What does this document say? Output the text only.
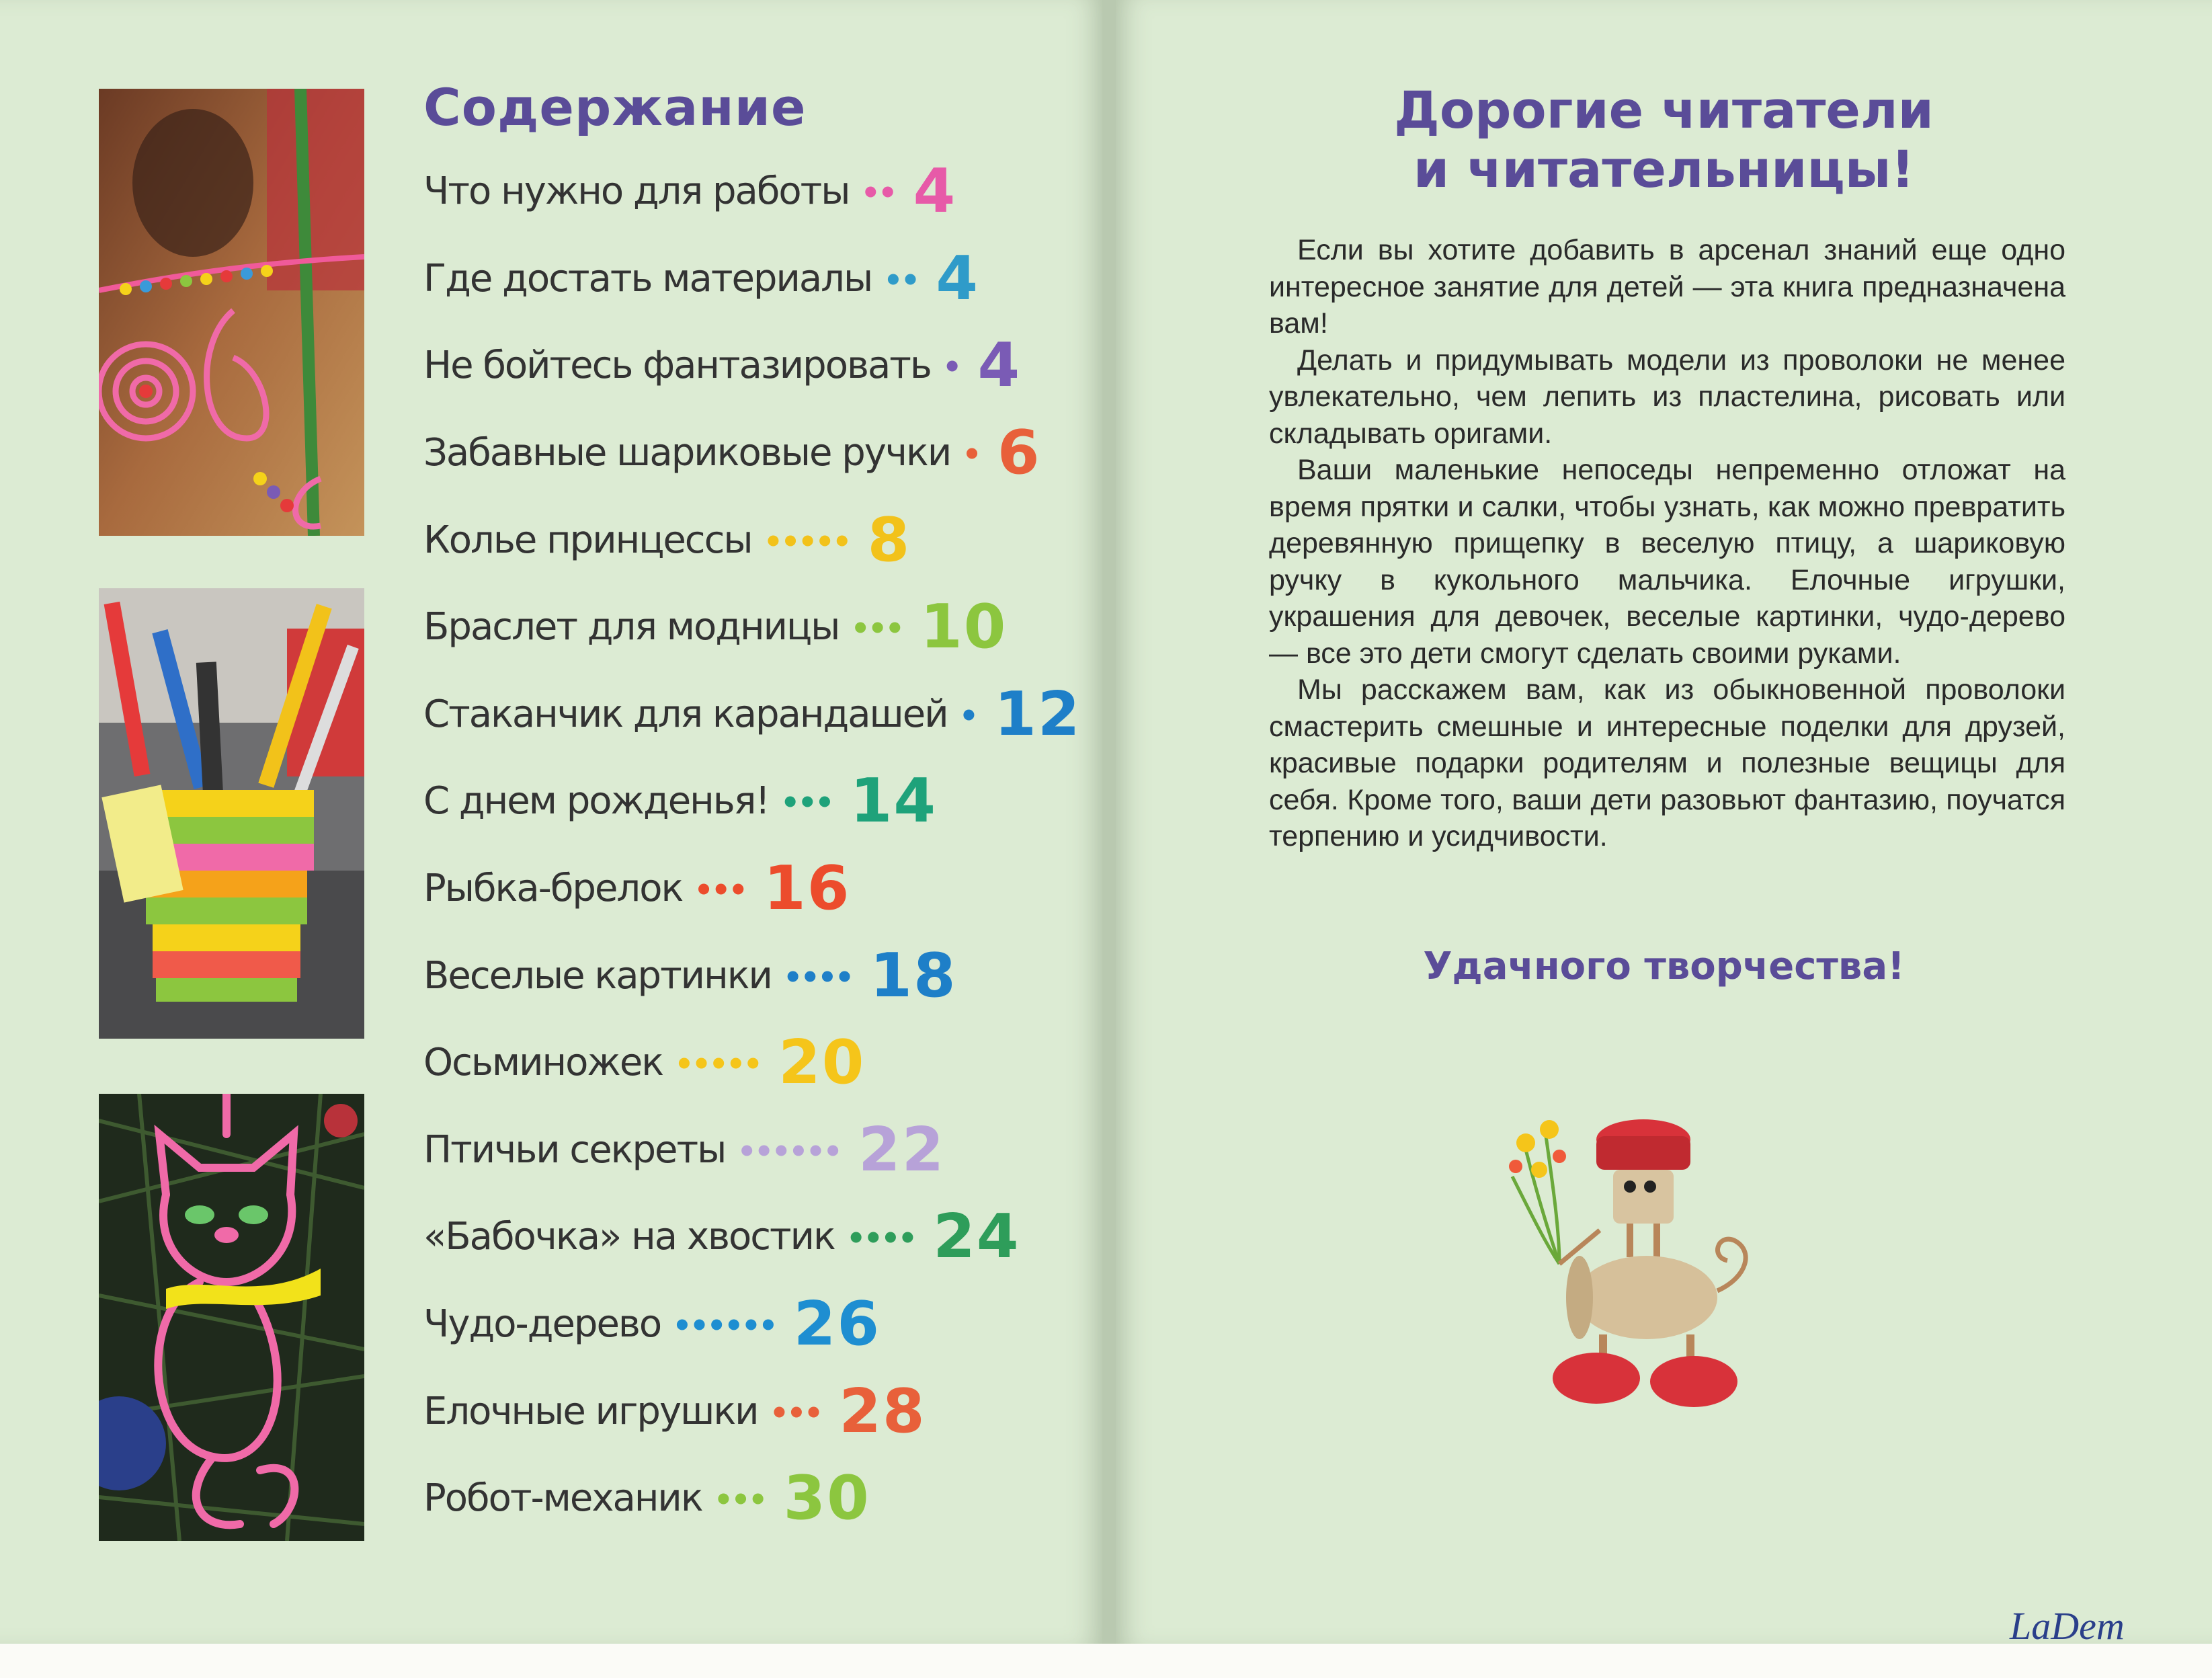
Содержание
Что нужно для работы •• 4
Где достать материалы •• 4
Не бойтесь фантазировать • 4
Забавные шариковые ручки • 6
Колье принцессы ••••• 8
Браслет для модницы ••• 10
Стаканчик для карандашей • 12
С днем рожденья! ••• 14
Рыбка-брелок ••• 16
Веселые картинки •••• 18
Осьминожек ••••• 20
Птичьи секреты •••••• 22
«Бабочка» на хвостик •••• 24
Чудо-дерево •••••• 26
Елочные игрушки ••• 28
Робот-механик ••• 30
Дорогие читатели
и читательницы!

Если вы хотите добавить в арсенал знаний еще одно интересное занятие для детей — эта книга предназначена вам!

Делать и придумывать модели из проволоки не менее увлекательно, чем лепить из пластелина, рисовать или складывать оригами.

Ваши маленькие непоседы непременно отложат на время прятки и салки, чтобы узнать, как можно превратить деревянную прищепку в веселую птицу, а шариковую ручку в кукольного мальчика. Елочные игрушки, украшения для девочек, веселые картинки, чудо-дерево — все это дети смогут сделать своими руками.

Мы расскажем вам, как из обыкновенной проволоки смастерить смешные и интересные поделки для друзей, красивые подарки родителям и полезные вещицы для себя. Кроме того, ваши дети разовьют фантазию, поучатся терпению и усидчивости.

Удачного творчества!

LaDem
